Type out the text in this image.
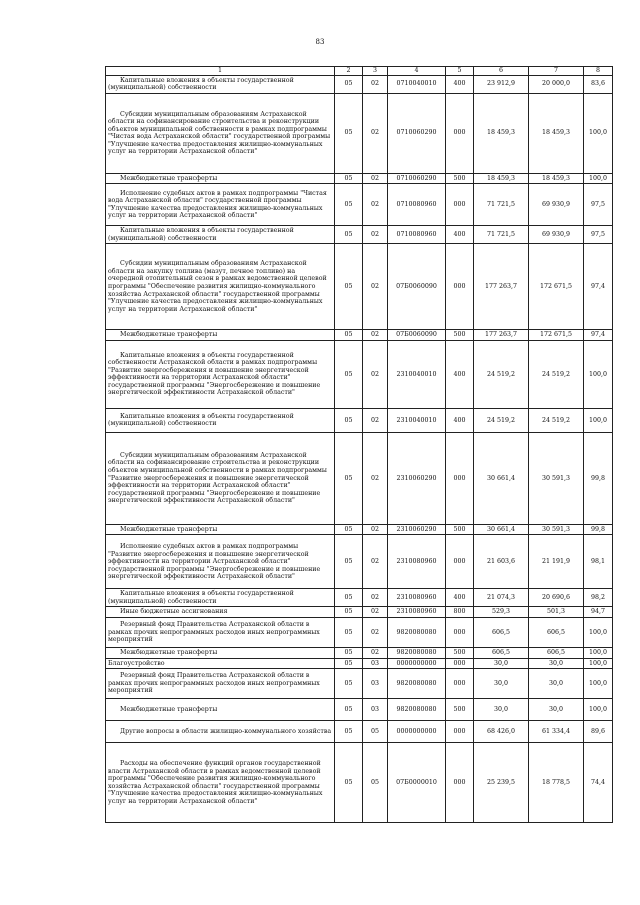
83
1	2	3	4	5	6	7	8
Капитальные вложения в объекты государственной (муниципальной) собственности	05	02	0710040010	400	23 912,9	20 000,0	83,6
Субсидии муниципальным образованиям Астраханской области на софинансирование строительства и реконструкции объектов муниципальной собственности в рамках подпрограммы "Чистая вода Астраханской области" государственной программы "Улучшение качества предоставления жилищно-коммунальных услуг на территории Астраханской области"	05	02	0710060290	000	18 459,3	18 459,3	100,0
Межбюджетные трансферты	05	02	0710060290	500	18 459,3	18 459,3	100,0
Исполнение судебных актов в рамках подпрограммы "Чистая вода Астраханской области" государственной программы "Улучшение качества предоставления жилищно-коммунальных услуг на территории Астраханской области"	05	02	0710080960	000	71 721,5	69 930,9	97,5
Капитальные вложения в объекты государственной (муниципальной) собственности	05	02	0710080960	400	71 721,5	69 930,9	97,5
Субсидии муниципальным образованиям Астраханской области на закупку топлива (мазут, печное топливо) на очередной отопительный сезон в рамках ведомственной целевой программы "Обеспечение развития жилищно-коммунального хозяйства Астраханской области" государственной программы "Улучшение качества предоставления жилищно-коммунальных услуг на территории Астраханской области"	05	02	07Б0060090	000	177 263,7	172 671,5	97,4
Межбюджетные трансферты	05	02	07Б0060090	500	177 263,7	172 671,5	97,4
Капитальные вложения в объекты государственной собственности Астраханской области в рамках подпрограммы "Развитие энергосбережения и повышение энергетической эффективности на территории Астраханской области" государственной программы "Энергосбережение и повышение энергетической эффективности Астраханской области"	05	02	2310040010	400	24 519,2	24 519,2	100,0
Капитальные вложения в объекты государственной (муниципальной) собственности	05	02	2310040010	400	24 519,2	24 519,2	100,0
Субсидии муниципальным образованиям Астраханской области на софинансирование строительства и реконструкции объектов муниципальной собственности в рамках подпрограммы "Развитие энергосбережения и повышение энергетической эффективности на территории Астраханской области" государственной программы "Энергосбережение и повышение энергетической эффективности Астраханской области"	05	02	2310060290	000	30 661,4	30 591,3	99,8
Межбюджетные трансферты	05	02	2310060290	500	30 661,4	30 591,3	99,8
Исполнение судебных актов в рамках подпрограммы "Развитие энергосбережения и повышение энергетической эффективности на территории Астраханской области" государственной программы "Энергосбережение и повышение энергетической эффективности Астраханской области"	05	02	2310080960	000	21 603,6	21 191,9	98,1
Капитальные вложения в объекты государственной (муниципальной) собственности	05	02	2310080960	400	21 074,3	20 690,6	98,2
Иные бюджетные ассигнования	05	02	2310080960	800	529,3	501,3	94,7
Резервный фонд Правительства Астраханской области в рамках прочих непрограммных расходов иных непрограммных мероприятий	05	02	9820080080	000	606,5	606,5	100,0
Межбюджетные трансферты	05	02	9820080080	500	606,5	606,5	100,0
Благоустройство	05	03	0000000000	000	30,0	30,0	100,0
Резервный фонд Правительства Астраханской области в рамках прочих непрограммных расходов иных непрограммных мероприятий	05	03	9820080080	000	30,0	30,0	100,0
Межбюджетные трансферты	05	03	9820080080	500	30,0	30,0	100,0
Другие вопросы в области жилищно-коммунального хозяйства	05	05	0000000000	000	68 426,0	61 334,4	89,6
Расходы на обеспечение функций органов государственной власти Астраханской области в рамках ведомственной целевой программы "Обеспечение развития жилищно-коммунального хозяйства Астраханской области" государственной программы "Улучшение качества предоставления жилищно-коммунальных услуг на территории Астраханской области"	05	05	07Б0000010	000	25 239,5	18 778,5	74,4
